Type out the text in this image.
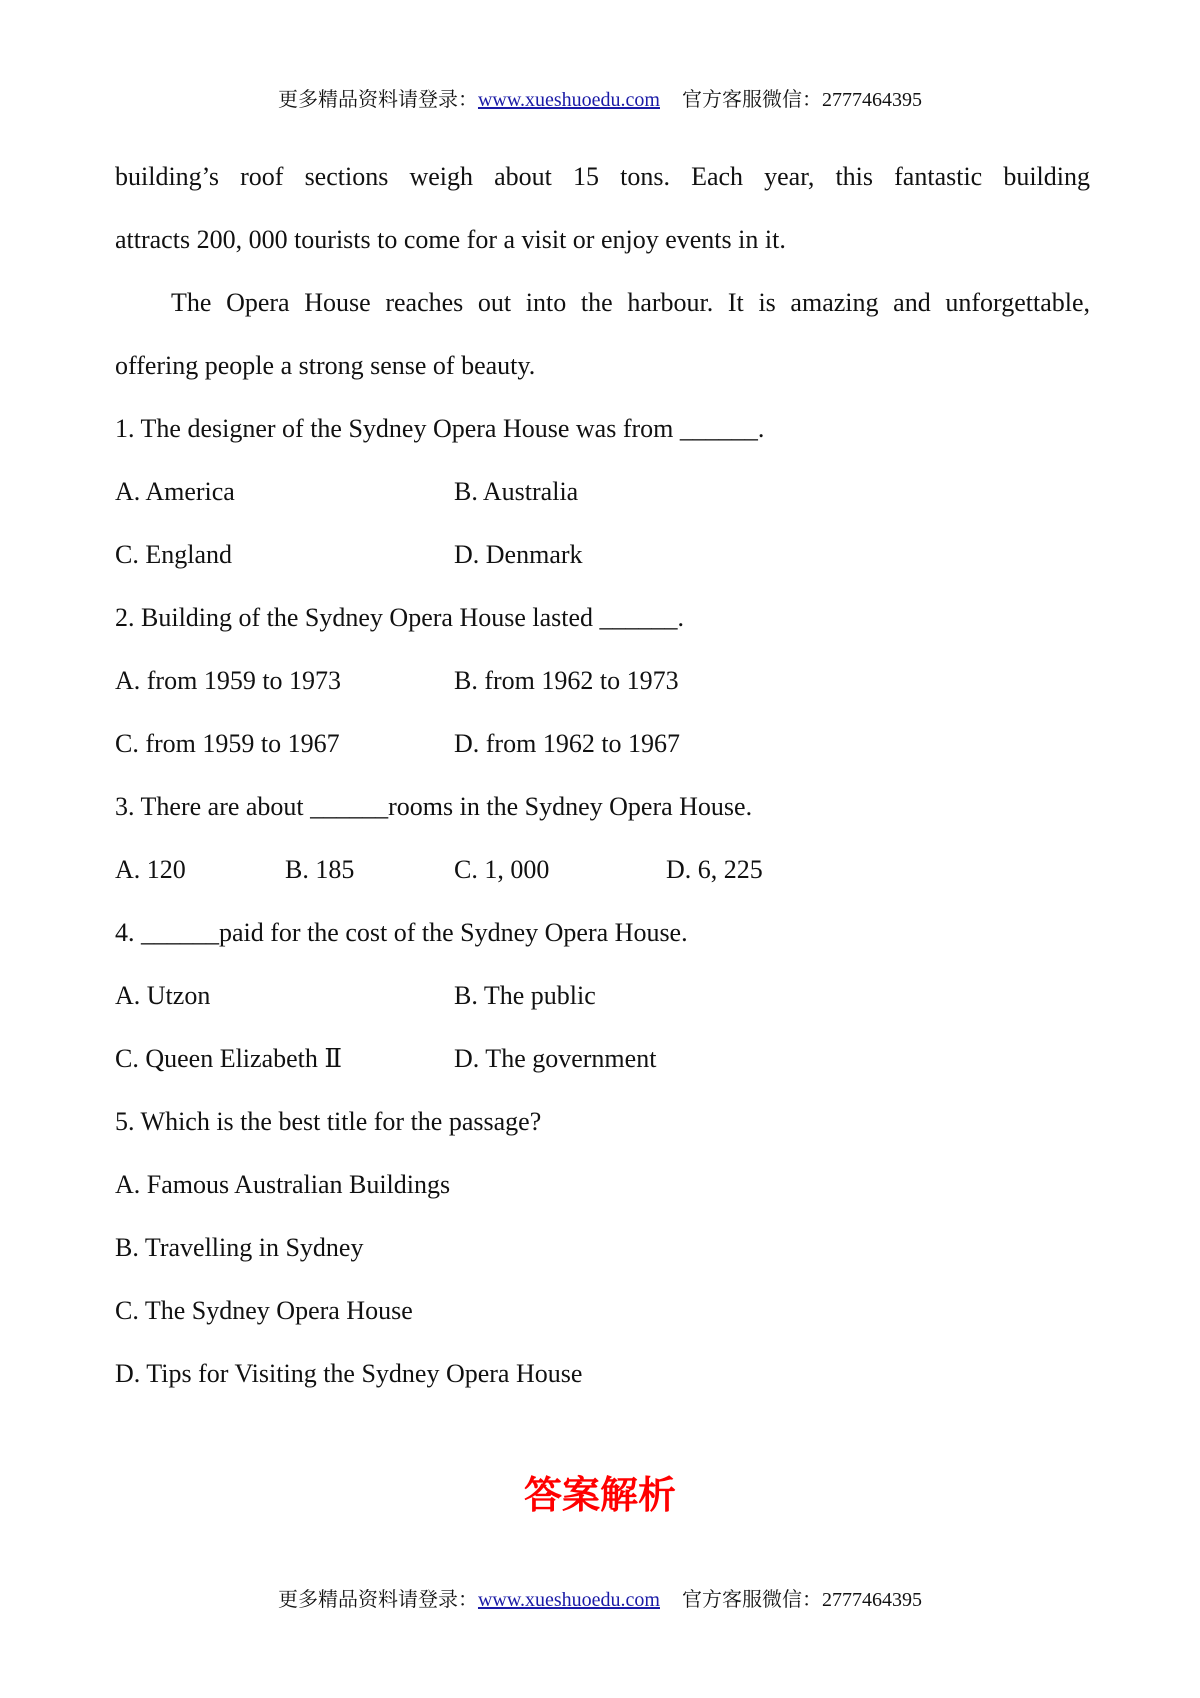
更多精品资料请登录：www.xueshuoedu.com 官方客服微信：2777464395
building’s roof sections weigh about 15 tons. Each year, this fantastic building
attracts 200, 000 tourists to come for a visit or enjoy events in it.
The Opera House reaches out into the harbour. It is amazing and unforgettable,
offering people a strong sense of beauty.
1. The designer of the Sydney Opera House was from ______.
A. America	B. Australia
C. England	D. Denmark
2. Building of the Sydney Opera House lasted ______.
A. from 1959 to 1973	B. from 1962 to 1973
C. from 1959 to 1967	D. from 1962 to 1967
3. There are about ______rooms in the Sydney Opera House.
A. 120	B. 185	C. 1, 000	D. 6, 225
4. ______paid for the cost of the Sydney Opera House.
A. Utzon	B. The public
C. Queen Elizabeth Ⅱ	D. The government
5. Which is the best title for the passage?
A. Famous Australian Buildings
B. Travelling in Sydney
C. The Sydney Opera House
D. Tips for Visiting the Sydney Opera House
答案解析
更多精品资料请登录：www.xueshuoedu.com 官方客服微信：2777464395
